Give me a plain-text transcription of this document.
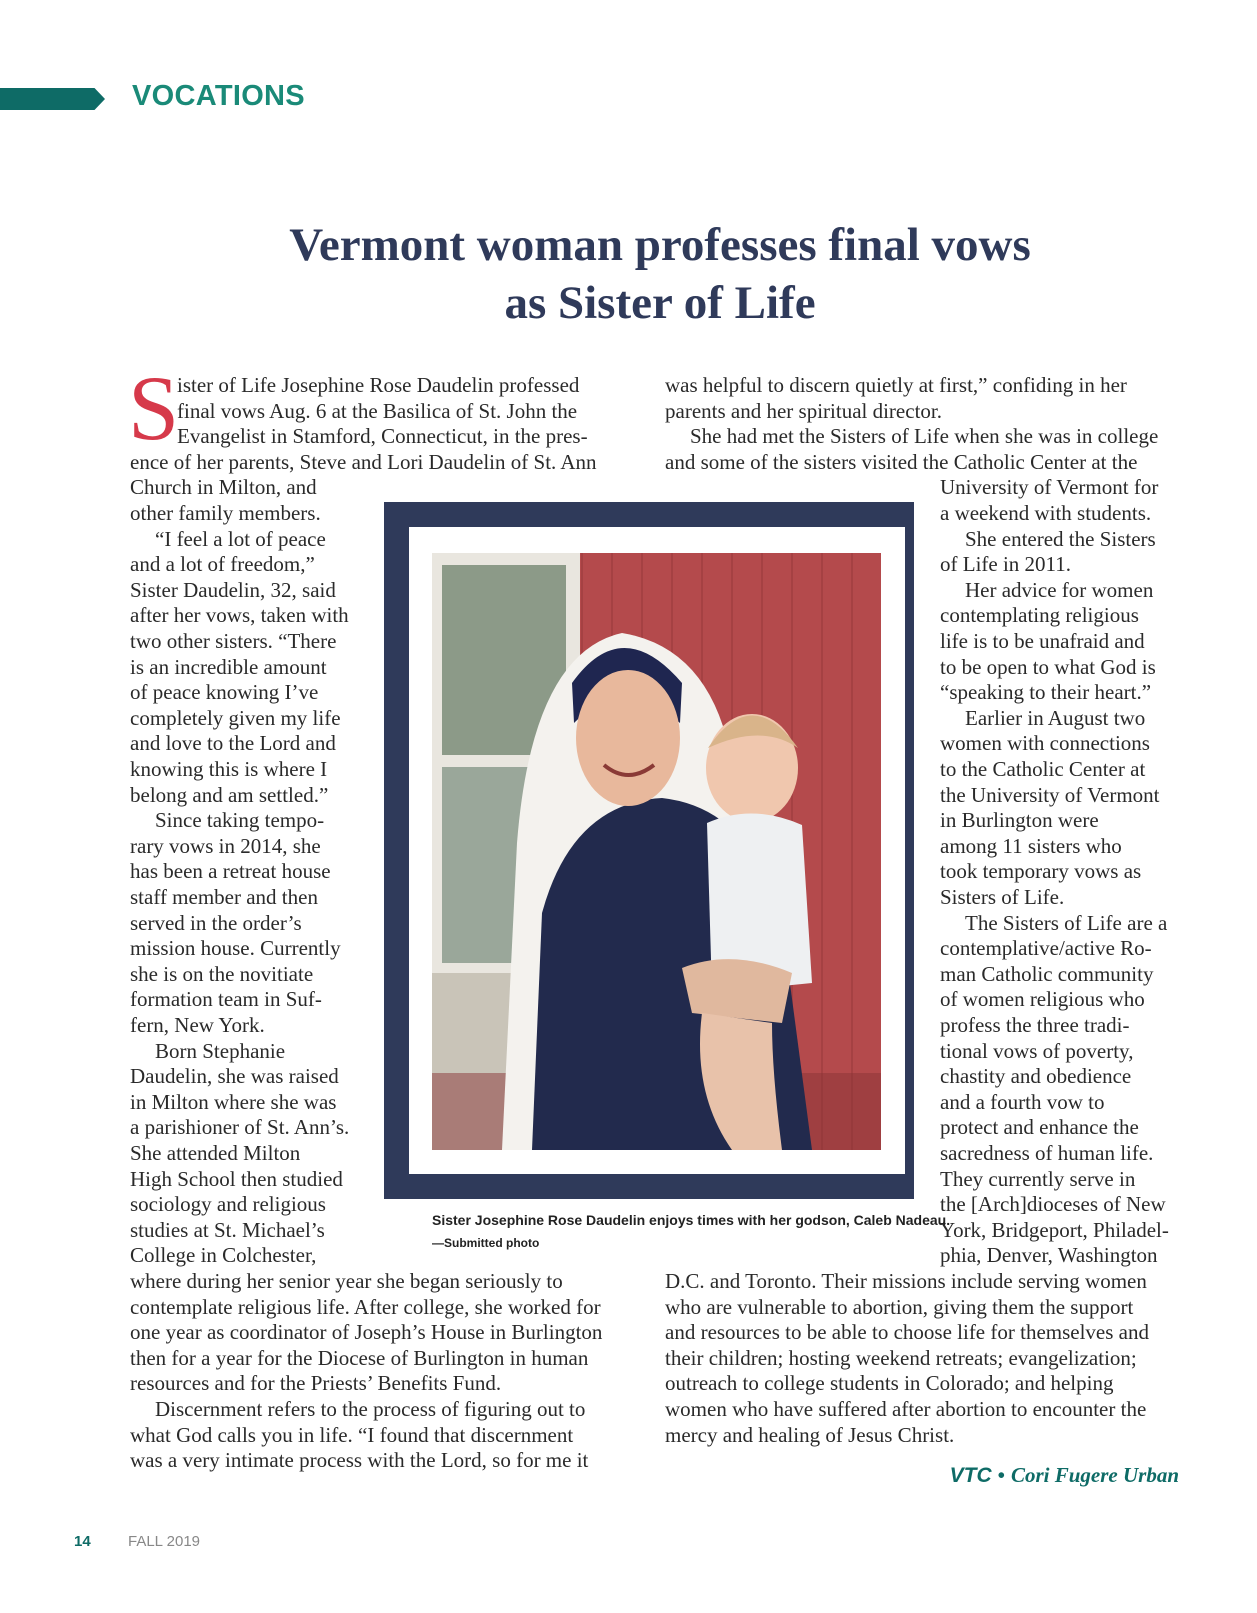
VOCATIONS
Vermont woman professes final vows
as Sister of Life
S
ister of Life Josephine Rose Daudelin professed
final vows Aug. 6 at the Basilica of St. John the
Evangelist in Stamford, Connecticut, in the pres-
ence of her parents, Steve and Lori Daudelin of St. Ann
Church in Milton, and
other family members.
“I feel a lot of peace
and a lot of freedom,”
Sister Daudelin, 32, said
after her vows, taken with
two other sisters. “There
is an incredible amount
of peace knowing I’ve
completely given my life
and love to the Lord and
knowing this is where I
belong and am settled.”
Since taking tempo-
rary vows in 2014, she
has been a retreat house
staff member and then
served in the order’s
mission house. Currently
she is on the novitiate
formation team in Suf-
fern, New York.
Born Stephanie
Daudelin, she was raised
in Milton where she was
a parishioner of St. Ann’s.
She attended Milton
High School then studied
sociology and religious
studies at St. Michael’s
College in Colchester,
where during her senior year she began seriously to
contemplate religious life. After college, she worked for
one year as coordinator of Joseph’s House in Burlington
then for a year for the Diocese of Burlington in human
resources and for the Priests’ Benefits Fund.
Discernment refers to the process of figuring out to
what God calls you in life. “I found that discernment
was a very intimate process with the Lord, so for me it
was helpful to discern quietly at first,” confiding in her
parents and her spiritual director.
She had met the Sisters of Life when she was in college
and some of the sisters visited the Catholic Center at the
University of Vermont for
a weekend with students.
She entered the Sisters
of Life in 2011.
Her advice for women
contemplating religious
life is to be unafraid and
to be open to what God is
“speaking to their heart.”
Earlier in August two
women with connections
to the Catholic Center at
the University of Vermont
in Burlington were
among 11 sisters who
took temporary vows as
Sisters of Life.
The Sisters of Life are a
contemplative/active Ro-
man Catholic community
of women religious who
profess the three tradi-
tional vows of poverty,
chastity and obedience
and a fourth vow to
protect and enhance the
sacredness of human life.
They currently serve in
the [Arch]dioceses of New
York, Bridgeport, Philadel-
phia, Denver, Washington
D.C. and Toronto. Their missions include serving women
who are vulnerable to abortion, giving them the support
and resources to be able to choose life for themselves and
their children; hosting weekend retreats; evangelization;
outreach to college students in Colorado; and helping
women who have suffered after abortion to encounter the
mercy and healing of Jesus Christ.
Sister Josephine Rose Daudelin enjoys times with her godson, Caleb Nadeau.
—Submitted photo
VTC • Cori Fugere Urban
14 FALL 2019
